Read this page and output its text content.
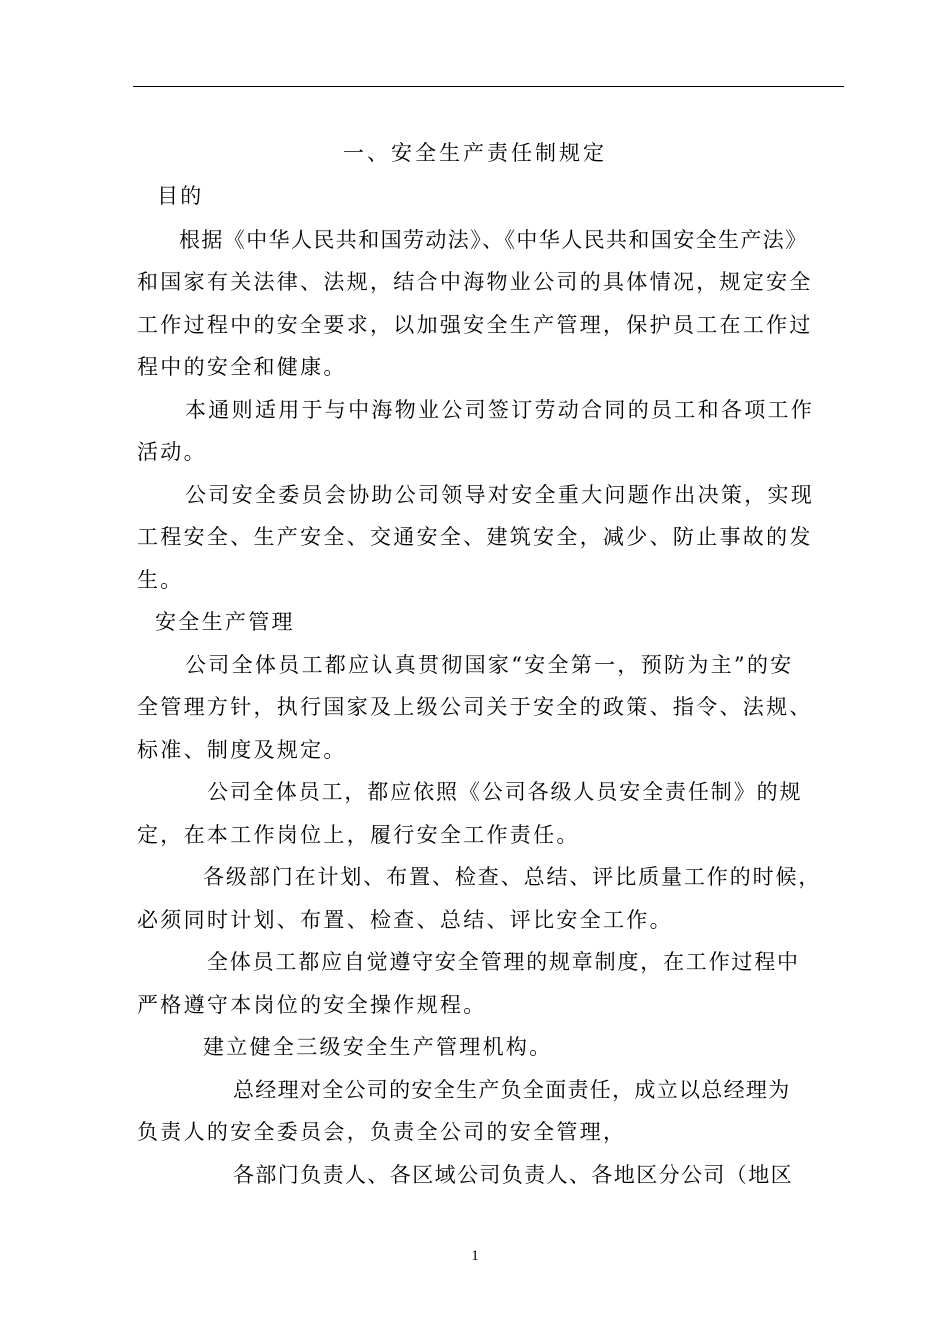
一、安全生产责任制规定
目的
根据《中华人民共和国劳动法》、《中华人民共和国安全生产法》
和国家有关法律、法规，结合中海物业公司的具体情况，规定安全
工作过程中的安全要求，以加强安全生产管理，保护员工在工作过
程中的安全和健康。
本通则适用于与中海物业公司签订劳动合同的员工和各项工作
活动。
公司安全委员会协助公司领导对安全重大问题作出决策，实现
工程安全、生产安全、交通安全、建筑安全，减少、防止事故的发
生。
安全生产管理
公司全体员工都应认真贯彻国家“安全第一，预防为主”的安
全管理方针，执行国家及上级公司关于安全的政策、指令、法规、
标准、制度及规定。
公司全体员工，都应依照《公司各级人员安全责任制》的规
定，在本工作岗位上，履行安全工作责任。
各级部门在计划、布置、检查、总结、评比质量工作的时候，
必须同时计划、布置、检查、总结、评比安全工作。
全体员工都应自觉遵守安全管理的规章制度，在工作过程中
严格遵守本岗位的安全操作规程。
建立健全三级安全生产管理机构。
总经理对全公司的安全生产负全面责任，成立以总经理为
负责人的安全委员会，负责全公司的安全管理，
各部门负责人、各区域公司负责人、各地区分公司（地区
1
